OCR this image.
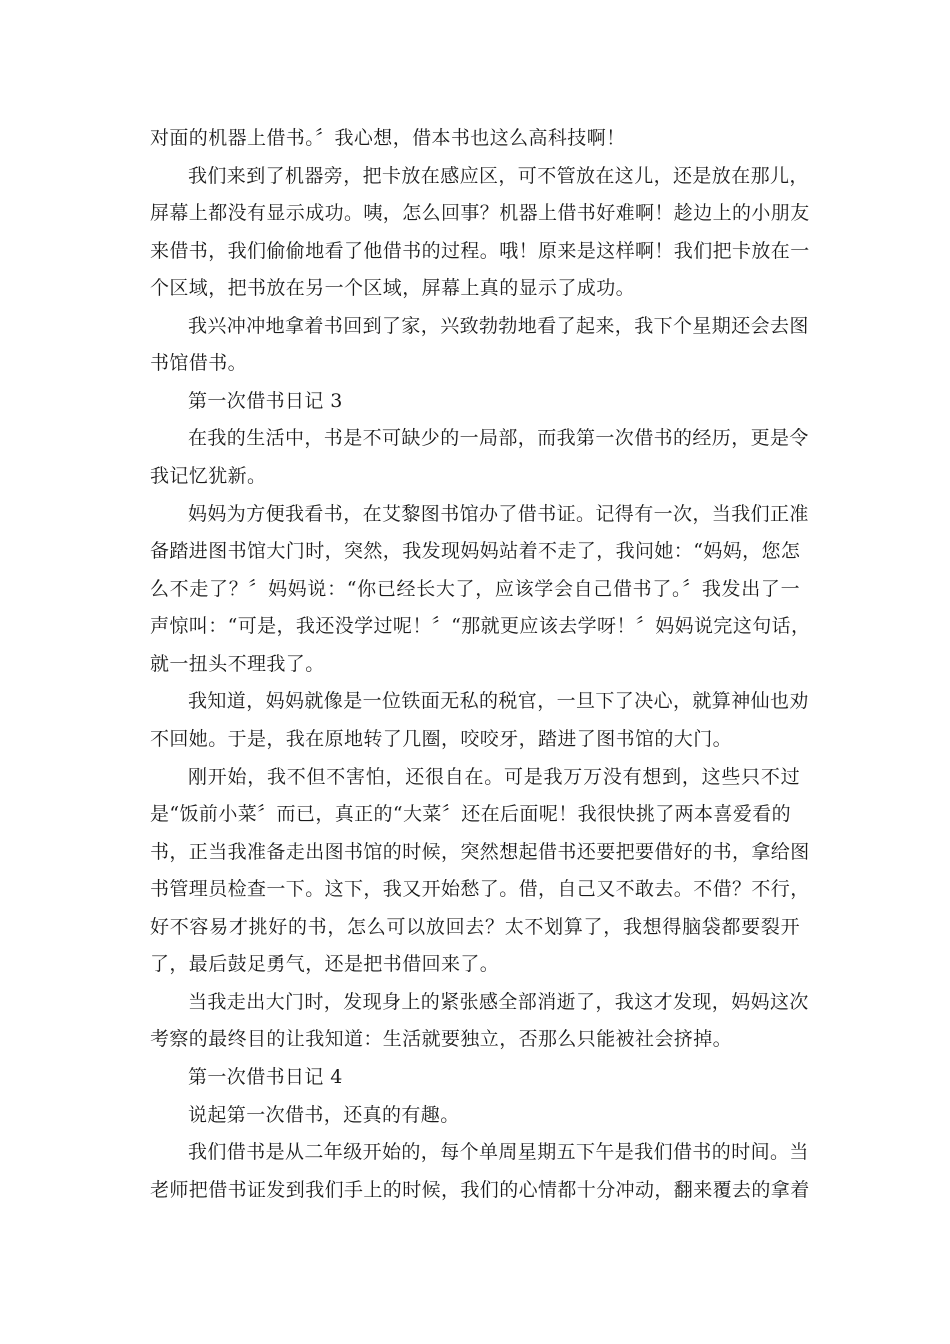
对面的机器上借书。〞我心想，借本书也这么高科技啊！
我们来到了机器旁，把卡放在感应区，可不管放在这儿，还是放在那儿，
屏幕上都没有显示成功。咦，怎么回事？机器上借书好难啊！趁边上的小朋友
来借书，我们偷偷地看了他借书的过程。哦！原来是这样啊！我们把卡放在一
个区域，把书放在另一个区域，屏幕上真的显示了成功。
我兴冲冲地拿着书回到了家，兴致勃勃地看了起来，我下个星期还会去图
书馆借书。
第一次借书日记 3
在我的生活中，书是不可缺少的一局部，而我第一次借书的经历，更是令
我记忆犹新。
妈妈为方便我看书，在艾黎图书馆办了借书证。记得有一次，当我们正准
备踏进图书馆大门时，突然，我发现妈妈站着不走了，我问她：“妈妈，您怎
么不走了？〞妈妈说：“你已经长大了，应该学会自己借书了。〞我发出了一
声惊叫：“可是，我还没学过呢！〞“那就更应该去学呀！〞妈妈说完这句话，
就一扭头不理我了。
我知道，妈妈就像是一位铁面无私的税官，一旦下了决心，就算神仙也劝
不回她。于是，我在原地转了几圈，咬咬牙，踏进了图书馆的大门。
刚开始，我不但不害怕，还很自在。可是我万万没有想到，这些只不过
是“饭前小菜〞而已，真正的“大菜〞还在后面呢！我很快挑了两本喜爱看的
书，正当我准备走出图书馆的时候，突然想起借书还要把要借好的书，拿给图
书管理员检查一下。这下，我又开始愁了。借，自己又不敢去。不借？不行，
好不容易才挑好的书，怎么可以放回去？太不划算了，我想得脑袋都要裂开
了，最后鼓足勇气，还是把书借回来了。
当我走出大门时，发现身上的紧张感全部消逝了，我这才发现，妈妈这次
考察的最终目的让我知道：生活就要独立，否那么只能被社会挤掉。
第一次借书日记 4
说起第一次借书，还真的有趣。
我们借书是从二年级开始的，每个单周星期五下午是我们借书的时间。当
老师把借书证发到我们手上的时候，我们的心情都十分冲动，翻来覆去的拿着
